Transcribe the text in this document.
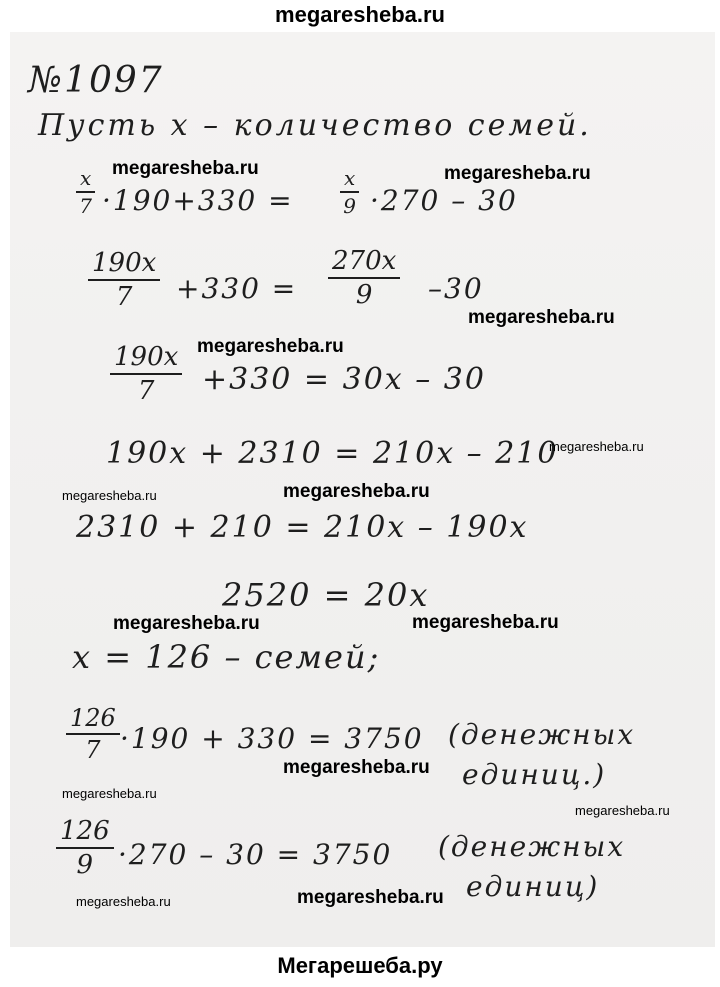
megaresheba.ru
№1097
Пусть x – количество семей.
x
7 ·190+330 =
x
9 ·270 – 30
190x
7 +330 =
270x
9 –30
190x
7 +330 = 30x – 30
190x + 2310 = 210x – 210
2310 + 210 = 210x – 190x
2520 = 20x
x = 126 – семей;
126
7 ·190 + 330 = 3750 (денежных
единиц.)
126
9 ·270 – 30 = 3750 (денежных
единиц)
megaresheba.ru	megaresheba.ru
megaresheba.ru
megaresheba.ru
megaresheba.ru
megaresheba.ru
megaresheba.ru
megaresheba.ru
megaresheba.ru
megaresheba.ru
megaresheba.ru
megaresheba.ru
megaresheba.ru
megaresheba.ru
Мегарешеба.ру
